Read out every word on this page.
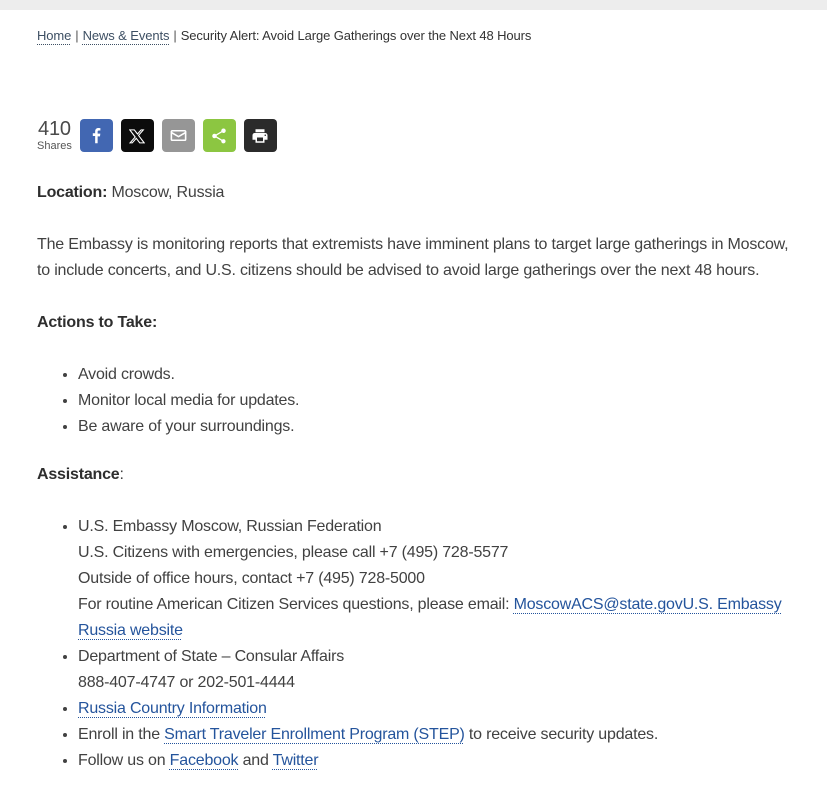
Home | News & Events | Security Alert: Avoid Large Gatherings over the Next 48 Hours
410
Shares

Location: Moscow, Russia

The Embassy is monitoring reports that extremists have imminent plans to target large gatherings in Moscow, to include concerts, and U.S. citizens should be advised to avoid large gatherings over the next 48 hours.

Actions to Take:

• Avoid crowds.
• Monitor local media for updates.
• Be aware of your surroundings.

Assistance:

• U.S. Embassy Moscow, Russian Federation
U.S. Citizens with emergencies, please call +7 (495) 728-5577
Outside of office hours, contact +7 (495) 728-5000
For routine American Citizen Services questions, please email: MoscowACS@state.govU.S. Embassy Russia website
• Department of State – Consular Affairs
888-407-4747 or 202-501-4444
• Russia Country Information
• Enroll in the Smart Traveler Enrollment Program (STEP) to receive security updates.
• Follow us on Facebook and Twitter
